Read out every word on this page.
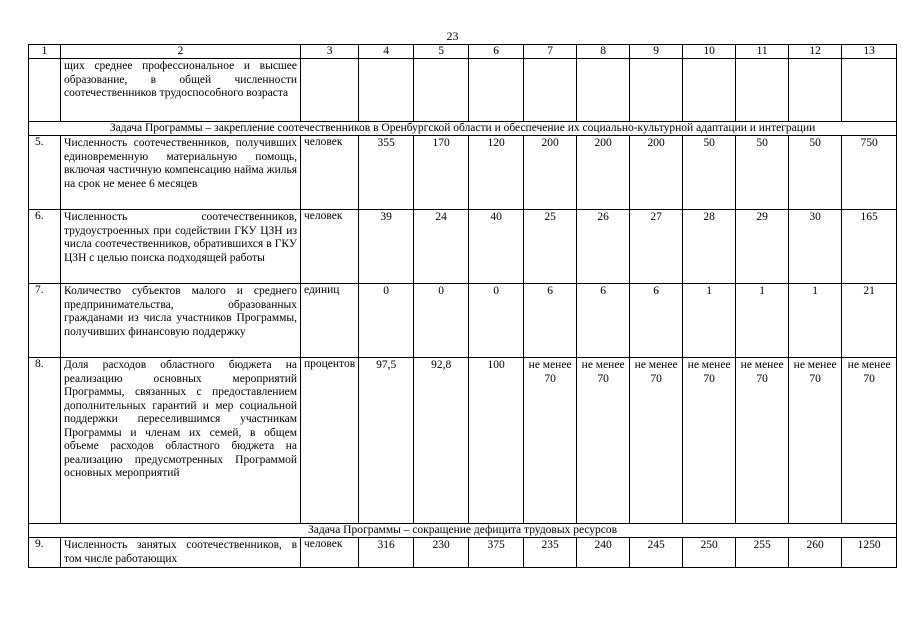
23
1	2	3	4	5	6	7	8	9	10	11	12	13
	щих среднее профессиональное и высшее образование, в общей численности соотечественников трудоспособного возраста											
Задача Программы – закрепление соотечественников в Оренбургской области и обеспечение их социально-культурной адаптации и интеграции												
5.	Численность соотечественников, получивших единовременную материальную помощь, включая частичную компенсацию найма жилья на срок не менее 6 месяцев	человек	355	170	120	200	200	200	50	50	50	750
6.	Численность соотечественников, трудоустроенных при содействии ГКУ ЦЗН из числа соотечественников, обратившихся в ГКУ ЦЗН с целью поиска подходящей работы	человек	39	24	40	25	26	27	28	29	30	165
7.	Количество субъектов малого и среднего предпринимательства, образованных гражданами из числа участников Программы, получивших финансовую поддержку	единиц	0	0	0	6	6	6	1	1	1	21
8.	Доля расходов областного бюджета на реализацию основных мероприятий Программы, связанных с предоставлением дополнительных гарантий и мер социальной поддержки переселившимся участникам Программы и членам их семей, в общем объеме расходов областного бюджета на реализацию предусмотренных Программой основных мероприятий	процентов	97,5	92,8	100	не менее 70	не менее 70	не менее 70	не менее 70	не менее 70	не менее 70	не менее 70
Задача Программы – сокращение дефицита трудовых ресурсов												
9.	Численность занятых соотечественников, в том числе работающих	человек	316	230	375	235	240	245	250	255	260	1250
